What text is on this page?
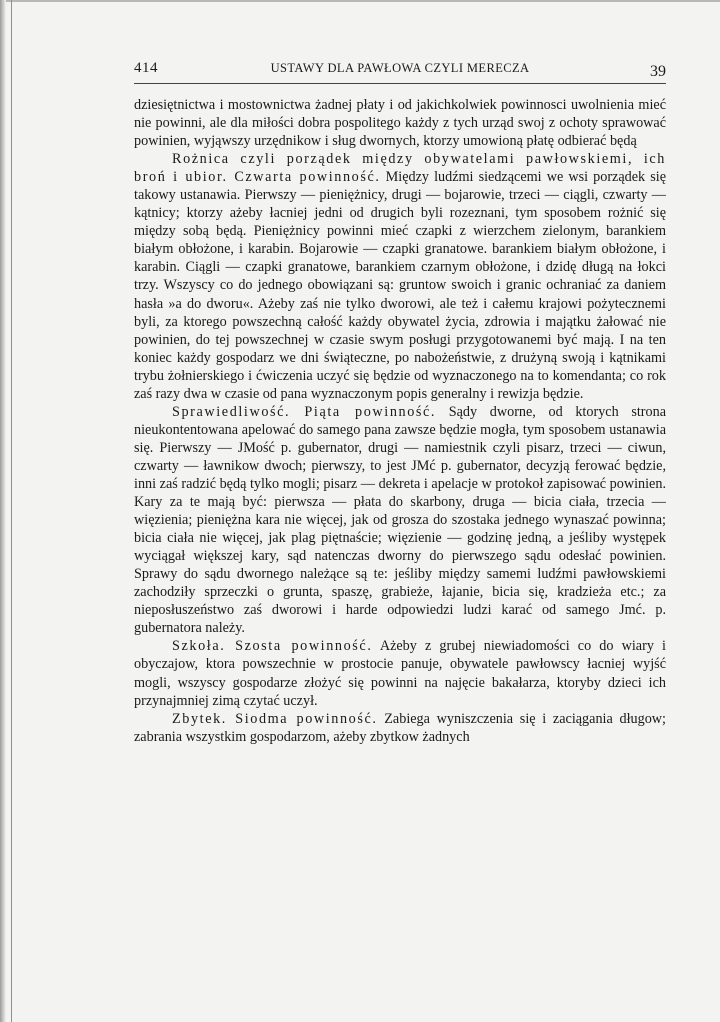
414	USTAWY DLA PAWŁOWA CZYLI MERECZA	39

dziesiętnictwa i mostownictwa żadnej płaty i od jakichkolwiek powinnosci uwolnienia mieć nie powinni, ale dla miłości dobra pospolitego każdy z tych urząd swoj z ochoty sprawować powinien, wyjąwszy urzędnikow i sług dwornych, ktorzy umowioną płatę odbierać będą

Rożnica czyli porządek między obywatelami pawłowskiemi, ich broń i ubior. Czwarta powinność. Między ludźmi siedzącemi we wsi porządek się takowy ustanawia. Pierwszy — pieniężnicy, drugi — bojarowie, trzeci — ciągli, czwarty — kątnicy; ktorzy ażeby łacniej jedni od drugich byli rozeznani, tym sposobem rożnić się między sobą będą. Pieniężnicy powinni mieć czapki z wierzchem zielonym, barankiem białym obłożone, i karabin. Bojarowie — czapki granatowe. barankiem białym obłożone, i karabin. Ciągli — czapki granatowe, barankiem czarnym obłożone, i dzidę długą na łokci trzy. Wszyscy co do jednego obowiązani są: gruntow swoich i granic ochraniać za daniem hasła »a do dworu«. Ażeby zaś nie tylko dworowi, ale też i całemu krajowi pożytecznemi byli, za ktorego powszechną całość każdy obywatel życia, zdrowia i majątku żałować nie powinien, do tej powszechnej w czasie swym posługi przygotowanemi być mają. I na ten koniec każdy gospodarz we dni świąteczne, po nabożeństwie, z drużyną swoją i kątnikami trybu żołnierskiego i ćwiczenia uczyć się będzie od wyznaczonego na to komendanta; co rok zaś razy dwa w czasie od pana wyznaczonym popis generalny i rewizja będzie.

Sprawiedliwość. Piąta powinność. Sądy dworne, od ktorych strona nieukontentowana apelować do samego pana zawsze będzie mogła, tym sposobem ustanawia się. Pierwszy — JMość p. gubernator, drugi — namiestnik czyli pisarz, trzeci — ciwun, czwarty — ławnikow dwoch; pierwszy, to jest JMć p. gubernator, decyzją ferować będzie, inni zaś radzić będą tylko mogli; pisarz — dekreta i apelacje w protokoł zapisować powinien. Kary za te mają być: pierwsza — płata do skarbony, druga — bicia ciała, trzecia — więzienia; pieniężna kara nie więcej, jak od grosza do szostaka jednego wynaszać powinna; bicia ciała nie więcej, jak plag piętnaście; więzienie — godzinę jedną, a jeśliby występek wyciągał większej kary, sąd natenczas dworny do pierwszego sądu odesłać powinien. Sprawy do sądu dwornego należące są te: jeśliby między samemi ludźmi pawłowskiemi zachodziły sprzeczki o grunta, spaszę, grabieże, łajanie, bicia się, kradzieża etc.; za nieposłuszeństwo zaś dworowi i harde odpowiedzi ludzi karać od samego Jmć. p. gubernatora należy.

Szkoła. Szosta powinność. Ażeby z grubej niewiadomości co do wiary i obyczajow, ktora powszechnie w prostocie panuje, obywatele pawłowscy łacniej wyjść mogli, wszyscy gospodarze złożyć się powinni na najęcie bakałarza, ktoryby dzieci ich przynajmniej zimą czytać uczył.

Zbytek. Siodma powinność. Zabiega wyniszczenia się i zaciągania długow; zabrania wszystkim gospodarzom, ażeby zbytkow żadnych
